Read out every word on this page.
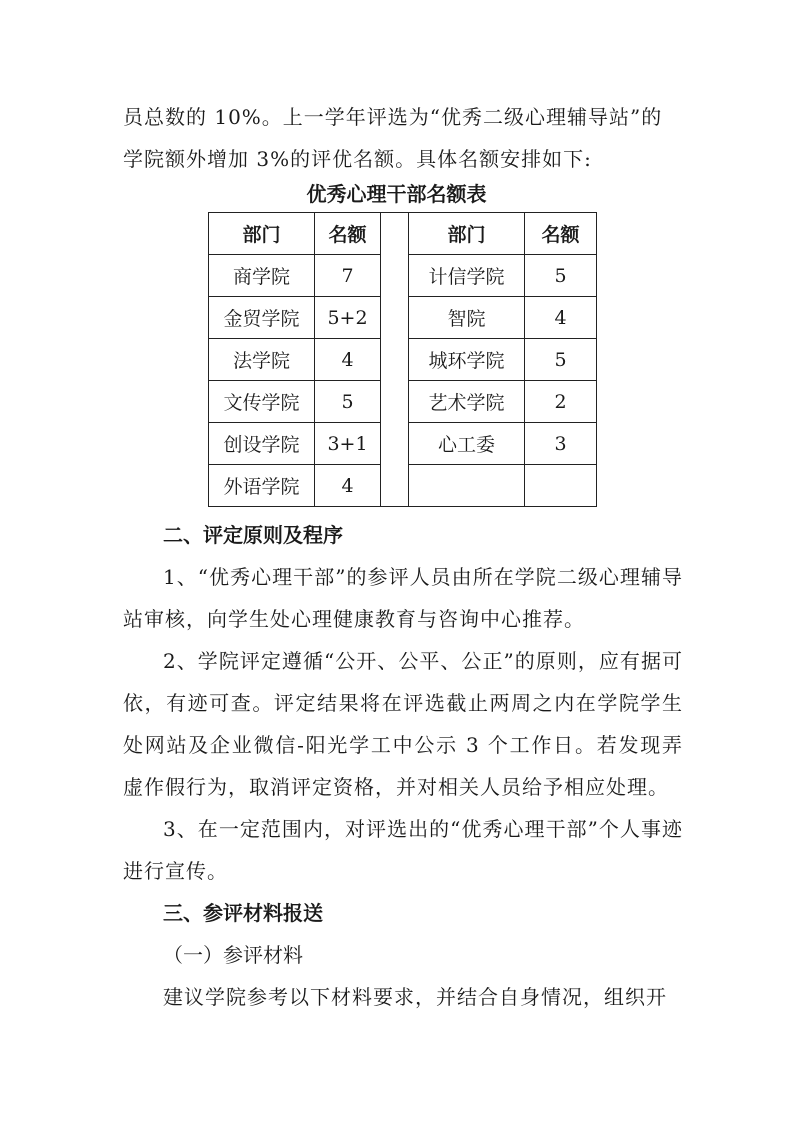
员总数的 10%。上一学年评选为“优秀二级心理辅导站”的

学院额外增加 3%的评优名额。具体名额安排如下:

优秀心理干部名额表

部门	名额		部门	名额
商学院	7		计信学院	5
金贸学院	5+2		智院	4
法学院	4		城环学院	5
文传学院	5		艺术学院	2
创设学院	3+1		心工委	3
外语学院	4			

二、评定原则及程序

1、“优秀心理干部”的参评人员由所在学院二级心理辅导站审核，向学生处心理健康教育与咨询中心推荐。

2、学院评定遵循“公开、公平、公正”的原则，应有据可依，有迹可查。评定结果将在评选截止两周之内在学院学生处网站及企业微信-阳光学工中公示 3 个工作日。若发现弄虚作假行为，取消评定资格，并对相关人员给予相应处理。

3、在一定范围内，对评选出的“优秀心理干部”个人事迹进行宣传。

三、参评材料报送

（一）参评材料

建议学院参考以下材料要求，并结合自身情况，组织开
